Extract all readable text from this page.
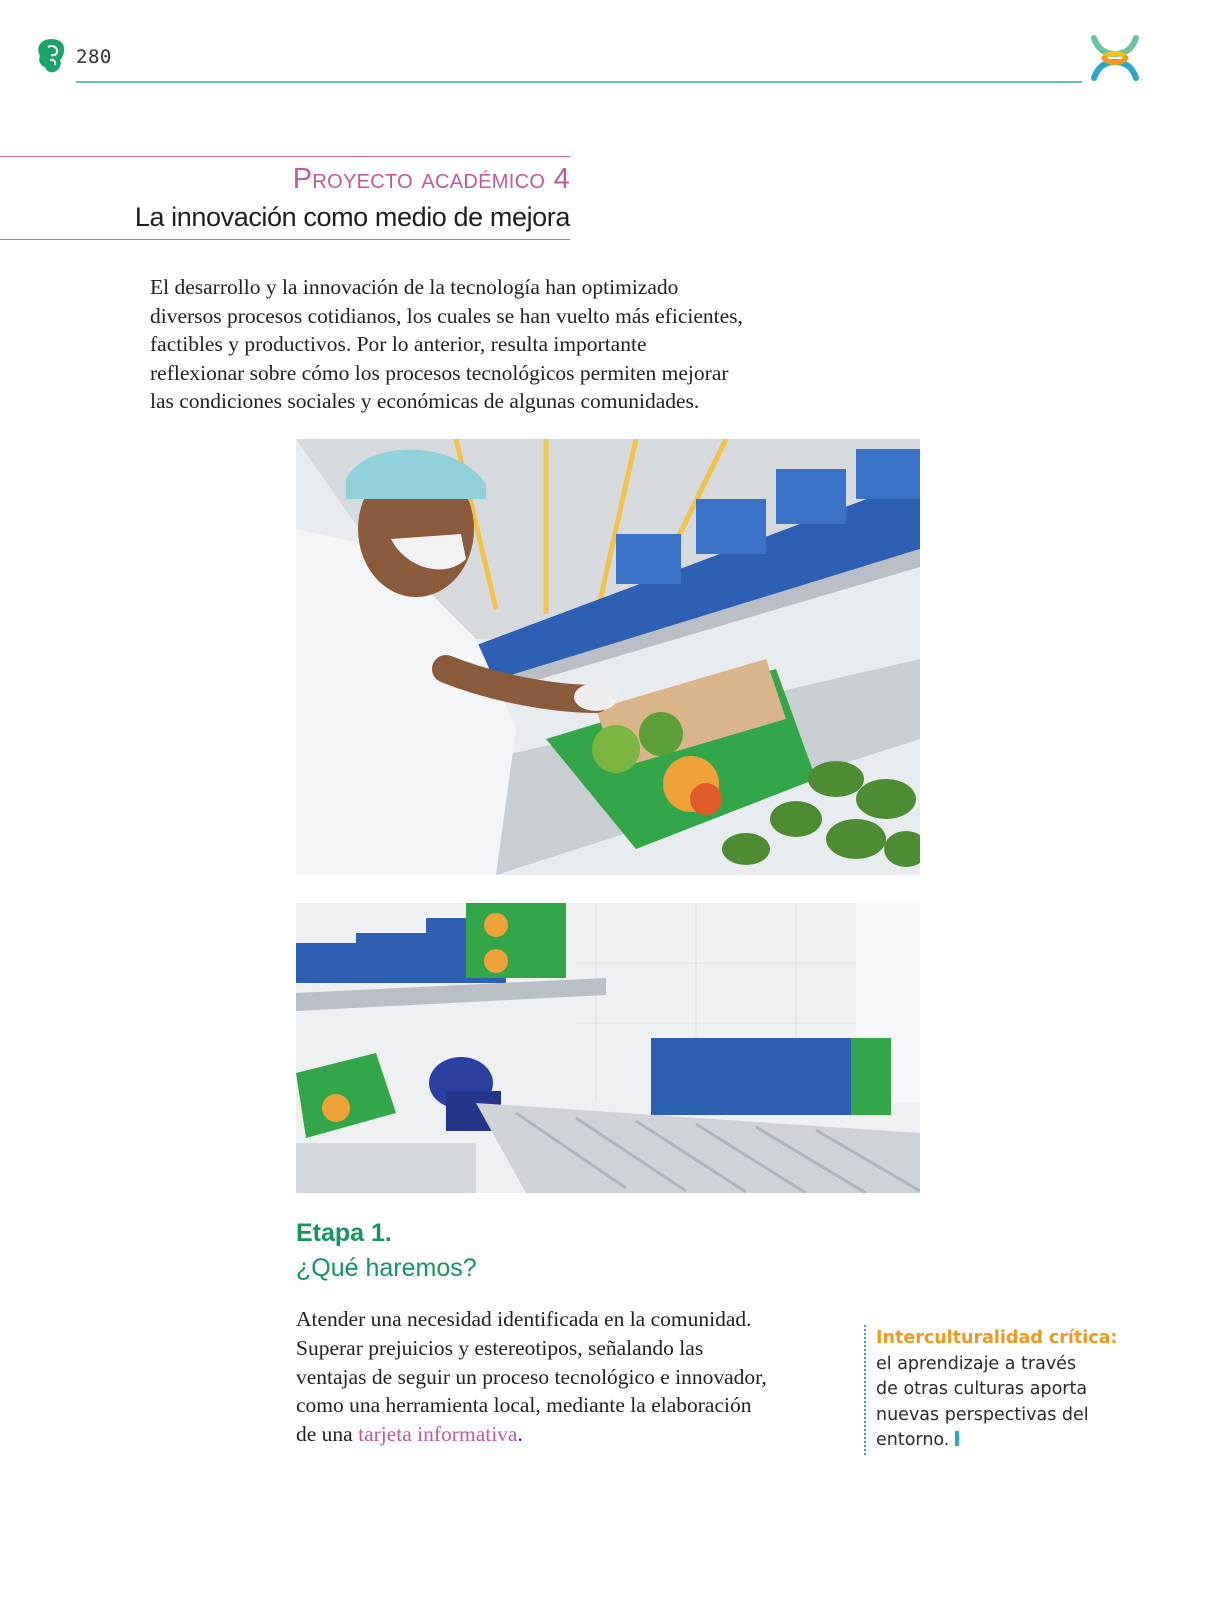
280
Proyecto académico 4
La innovación como medio de mejora

El desarrollo y la innovación de la tecnología han optimizado
diversos procesos cotidianos, los cuales se han vuelto más eficientes,
factibles y productivos. Por lo anterior, resulta importante
reflexionar sobre cómo los procesos tecnológicos permiten mejorar
las condiciones sociales y económicas de algunas comunidades.

Etapa 1.
¿Qué haremos?

Atender una necesidad identificada en la comunidad.
Superar prejuicios y estereotipos, señalando las
ventajas de seguir un proceso tecnológico e innovador,
como una herramienta local, mediante la elaboración
de una tarjeta informativa.

Interculturalidad crítica:
el aprendizaje a través
de otras culturas aporta
nuevas perspectivas del
entorno.
